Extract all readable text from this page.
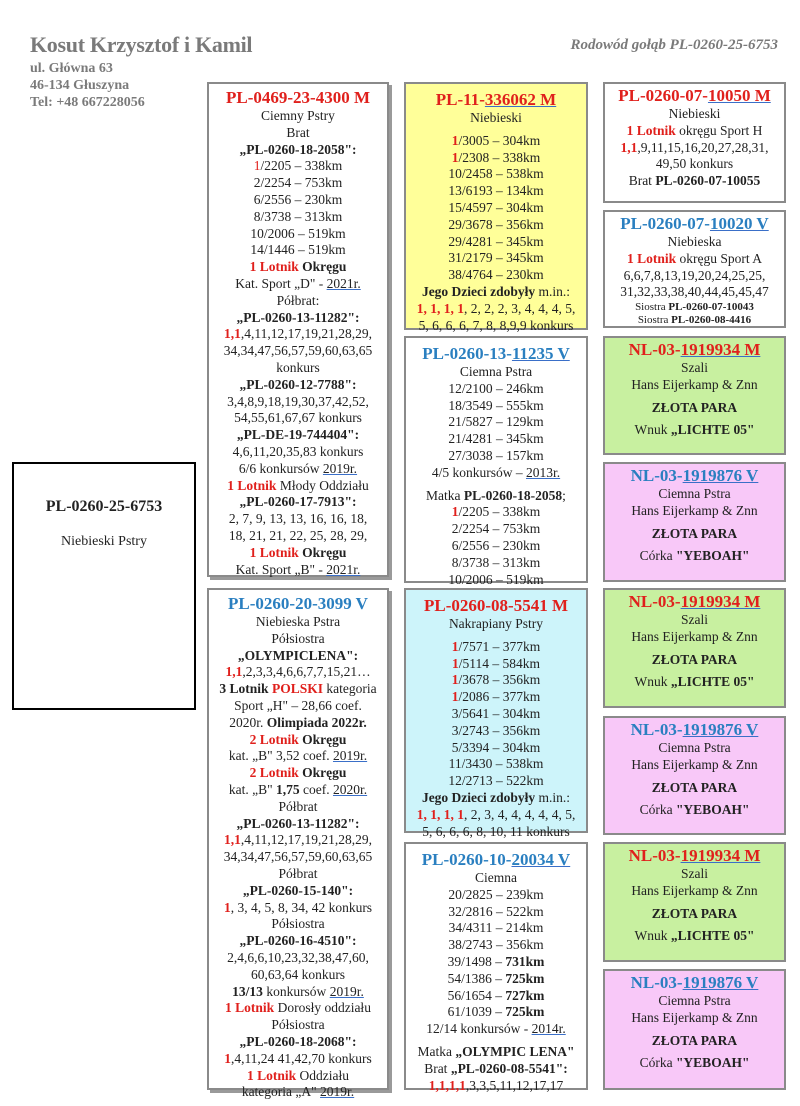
Kosut Krzysztof i Kamil
ul. Główna 63
46-134 Głuszyna
Tel: +48 667228056
Rodowód gołąb PL-0260-25-6753
PL-0260-25-6753
Niebieski Pstry
PL-0469-23-4300 M
Ciemny Pstry
Brat
„PL-0260-18-2058":
1/2205 – 338km
2/2254 – 753km
6/2556 – 230km
8/3738 – 313km
10/2006 – 519km
14/1446 – 519km
1 Lotnik Okręgu
Kat. Sport „D" - 2021r.
Półbrat:
„PL-0260-13-11282":
1,1,4,11,12,17,19,21,28,29,
34,34,47,56,57,59,60,63,65
konkurs
„PL-0260-12-7788":
3,4,8,9,18,19,30,37,42,52,
54,55,61,67,67 konkurs
„PL-DE-19-744404":
4,6,11,20,35,83 konkurs
6/6 konkursów 2019r.
1 Lotnik Młody Oddziału
„PL-0260-17-7913":
2, 7, 9, 13, 13, 16, 16, 18,
18, 21, 21, 22, 25, 28, 29,
1 Lotnik Okręgu
Kat. Sport „B" - 2021r.
PL-0260-20-3099 V
Niebieska Pstra
Półsiostra
„OLYMPICLENA":
1,1,2,3,3,4,6,6,7,7,15,21…
3 Lotnik POLSKI kategoria
Sport „H" – 28,66 coef.
2020r. Olimpiada 2022r.
2 Lotnik Okręgu
kat. „B" 3,52 coef. 2019r.
2 Lotnik Okręgu
kat. „B" 1,75 coef. 2020r.
Półbrat
„PL-0260-13-11282":
1,1,4,11,12,17,19,21,28,29,
34,34,47,56,57,59,60,63,65
Półbrat
„PL-0260-15-140":
1, 3, 4, 5, 8, 34, 42 konkurs
Półsiostra
„PL-0260-16-4510":
2,4,6,6,10,23,32,38,47,60,
60,63,64 konkurs
13/13 konkursów 2019r.
1 Lotnik Dorosły oddziału
Półsiostra
„PL-0260-18-2068":
1,4,11,24 41,42,70 konkurs
1 Lotnik Oddziału
kategoria „A" 2019r.
PL-11-336062 M
Niebieski
1/3005 – 304km
1/2308 – 338km
10/2458 – 538km
13/6193 – 134km
15/4597 – 304km
29/3678 – 356km
29/4281 – 345km
31/2179 – 345km
38/4764 – 230km
Jego Dzieci zdobyły m.in.:
1, 1, 1, 1, 2, 2, 2, 3, 4, 4, 4, 5,
5, 6, 6, 6, 7, 8, 8,9,9 konkurs
PL-0260-13-11235 V
Ciemna Pstra
12/2100 – 246km
18/3549 – 555km
21/5827 – 129km
21/4281 – 345km
27/3038 – 157km
4/5 konkursów – 2013r.
Matka PL-0260-18-2058;
1/2205 – 338km
2/2254 – 753km
6/2556 – 230km
8/3738 – 313km
10/2006 – 519km
PL-0260-08-5541 M
Nakrapiany Pstry
1/7571 – 377km
1/5114 – 584km
1/3678 – 356km
1/2086 – 377km
3/5641 – 304km
3/2743 – 356km
5/3394 – 304km
11/3430 – 538km
12/2713 – 522km
Jego Dzieci zdobyły m.in.:
1, 1, 1, 1, 2, 3, 4, 4, 4, 4, 4, 5,
5, 6, 6, 6, 8, 10, 11 konkurs
PL-0260-10-20034 V
Ciemna
20/2825 – 239km
32/2816 – 522km
34/4311 – 214km
38/2743 – 356km
39/1498 – 731km
54/1386 – 725km
56/1654 – 727km
61/1039 – 725km
12/14 konkursów - 2014r.
Matka „OLYMPIC LENA"
Brat „PL-0260-08-5541":
1,1,1,1,3,3,5,11,12,17,17
PL-0260-07-10050 M
Niebieski
1 Lotnik okręgu Sport H
1,1,9,11,15,16,20,27,28,31,
49,50 konkurs
Brat PL-0260-07-10055
PL-0260-07-10020 V
Niebieska
1 Lotnik okręgu Sport A
6,6,7,8,13,19,20,24,25,25,
31,32,33,38,40,44,45,45,47
Siostra PL-0260-07-10043
Siostra PL-0260-08-4416
NL-03-1919934 M
Szali
Hans Eijerkamp & Znn
ZŁOTA PARA
Wnuk „LICHTE 05"
NL-03-1919876 V
Ciemna Pstra
Hans Eijerkamp & Znn
ZŁOTA PARA
Córka "YEBOAH"
NL-03-1919934 M
Szali
Hans Eijerkamp & Znn
ZŁOTA PARA
Wnuk „LICHTE 05"
NL-03-1919876 V
Ciemna Pstra
Hans Eijerkamp & Znn
ZŁOTA PARA
Córka "YEBOAH"
NL-03-1919934 M
Szali
Hans Eijerkamp & Znn
ZŁOTA PARA
Wnuk „LICHTE 05"
NL-03-1919876 V
Ciemna Pstra
Hans Eijerkamp & Znn
ZŁOTA PARA
Córka "YEBOAH"
